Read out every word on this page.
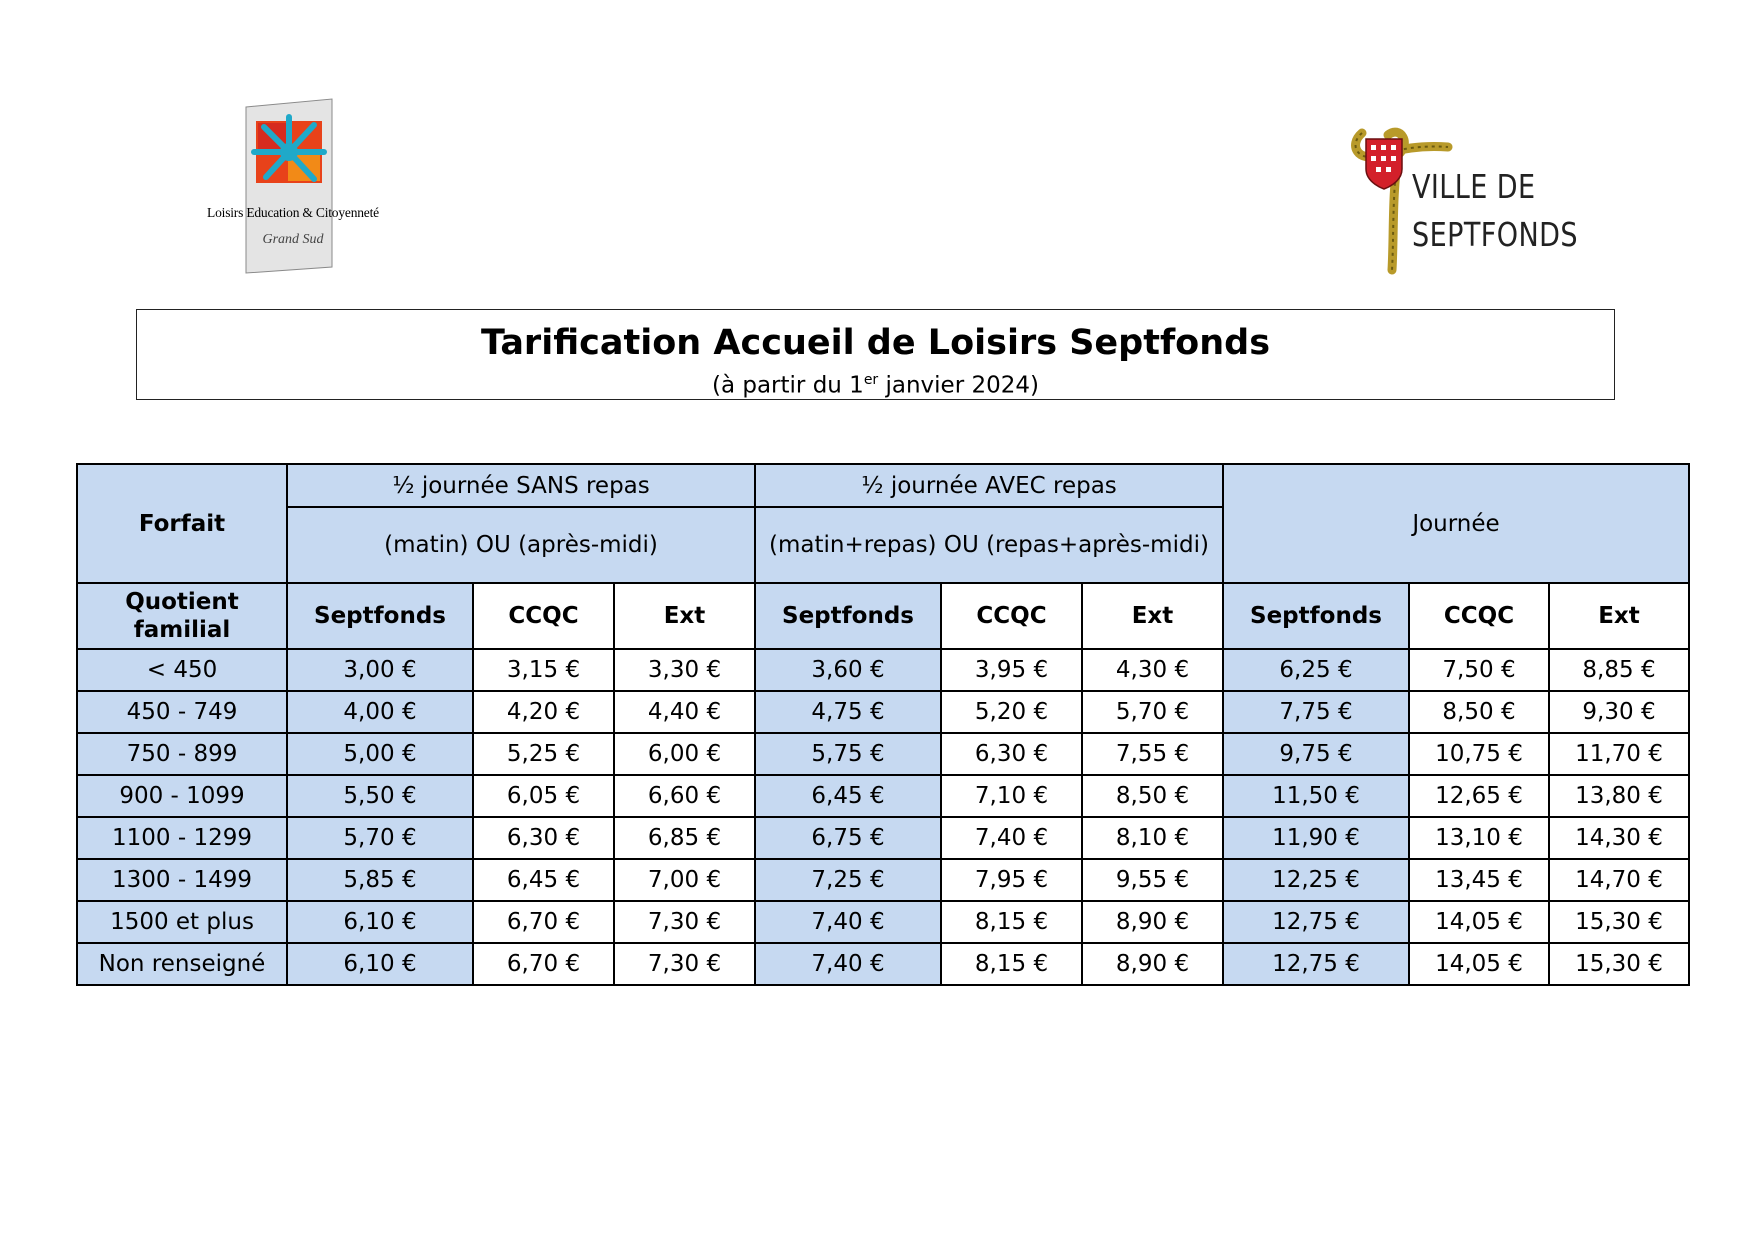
Loisirs Education & Citoyenneté
Grand Sud
VILLE DE
SEPTFONDS
Tarification Accueil de Loisirs Septfonds
(à partir du 1er janvier 2024)
Forfait	½ journée SANS repas			½ journée AVEC repas			Journée		
	(matin) OU (après-midi)			(matin+repas) OU (repas+après-midi)					
Quotient familial	Septfonds	CCQC	Ext	Septfonds	CCQC	Ext	Septfonds	CCQC	Ext
< 450	3,00 €	3,15 €	3,30 €	3,60 €	3,95 €	4,30 €	6,25 €	7,50 €	8,85 €
450 - 749	4,00 €	4,20 €	4,40 €	4,75 €	5,20 €	5,70 €	7,75 €	8,50 €	9,30 €
750 - 899	5,00 €	5,25 €	6,00 €	5,75 €	6,30 €	7,55 €	9,75 €	10,75 €	11,70 €
900 - 1099	5,50 €	6,05 €	6,60 €	6,45 €	7,10 €	8,50 €	11,50 €	12,65 €	13,80 €
1100 - 1299	5,70 €	6,30 €	6,85 €	6,75 €	7,40 €	8,10 €	11,90 €	13,10 €	14,30 €
1300 - 1499	5,85 €	6,45 €	7,00 €	7,25 €	7,95 €	9,55 €	12,25 €	13,45 €	14,70 €
1500 et plus	6,10 €	6,70 €	7,30 €	7,40 €	8,15 €	8,90 €	12,75 €	14,05 €	15,30 €
Non renseigné	6,10 €	6,70 €	7,30 €	7,40 €	8,15 €	8,90 €	12,75 €	14,05 €	15,30 €
